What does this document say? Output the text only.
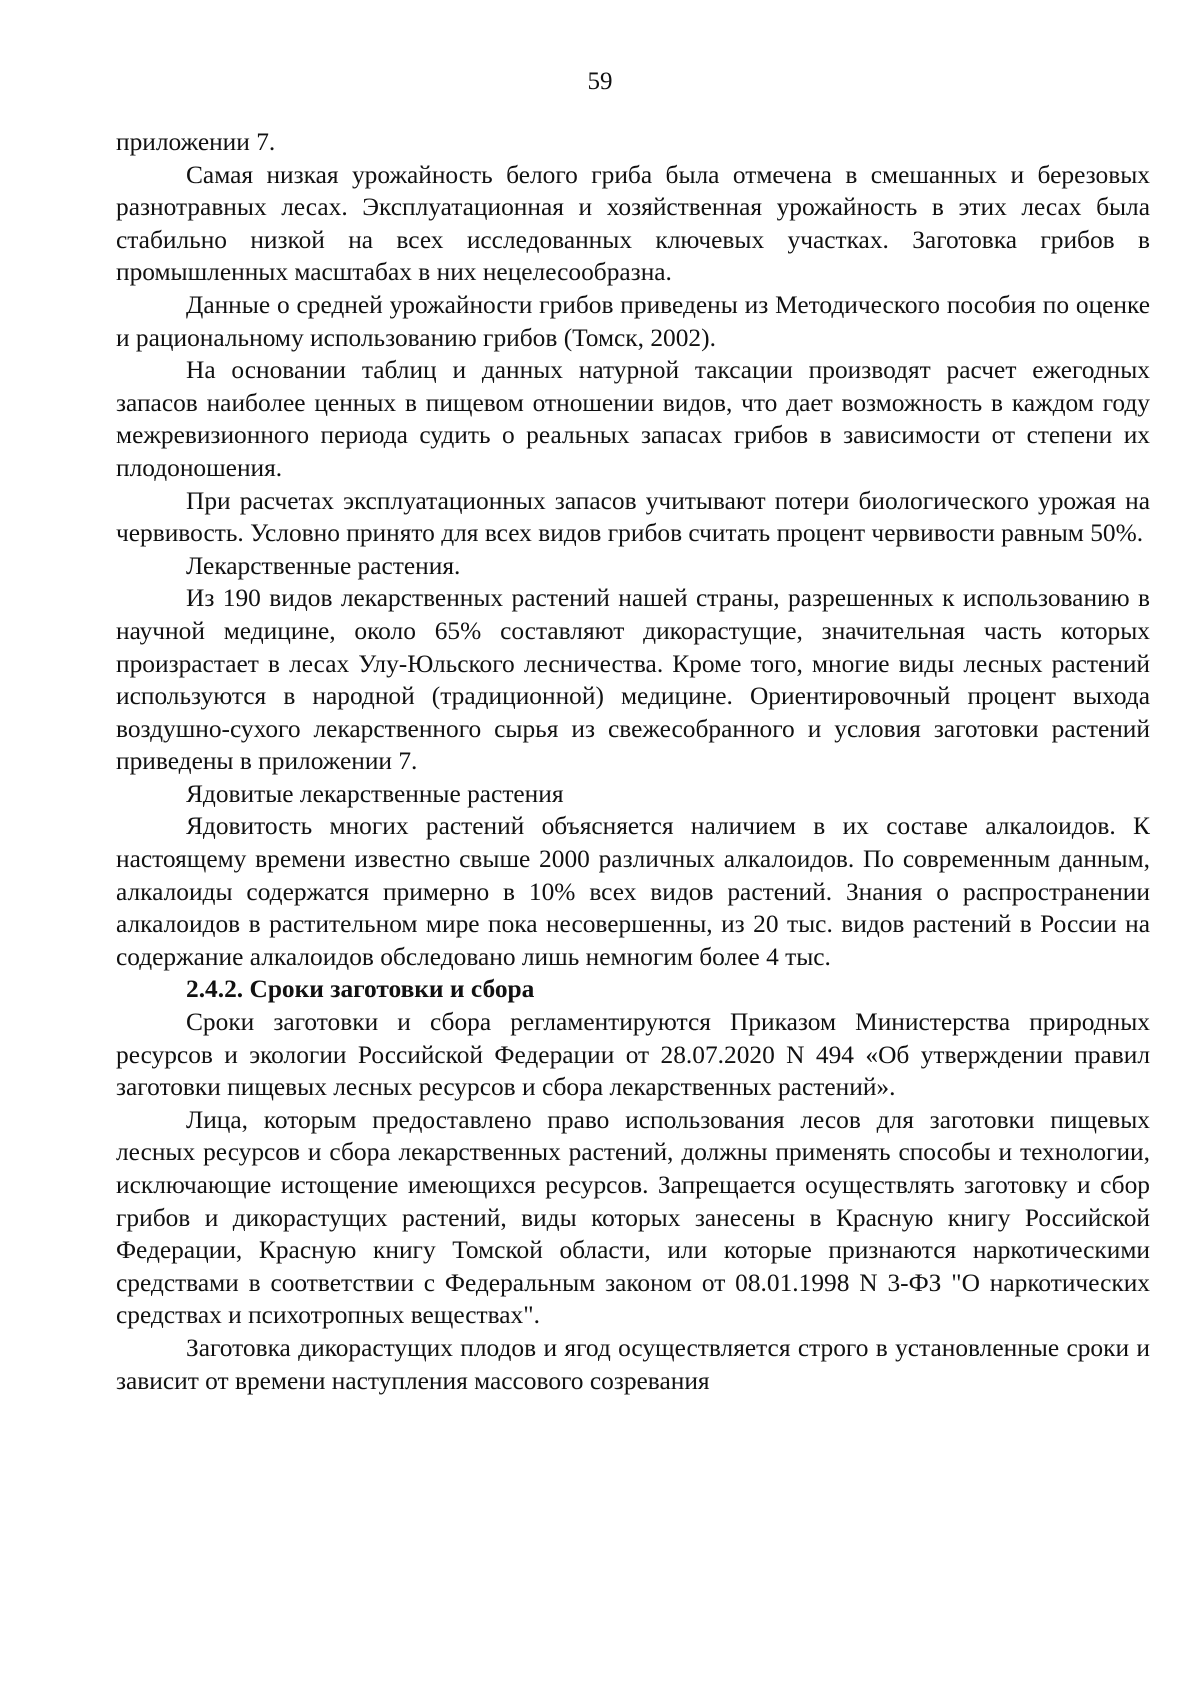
59

приложении 7.

Самая низкая урожайность белого гриба была отмечена в смешанных и березовых разнотравных лесах. Эксплуатационная и хозяйственная урожайность в этих лесах была стабильно низкой на всех исследованных ключевых участках. Заготовка грибов в промышленных масштабах в них нецелесообразна.

Данные о средней урожайности грибов приведены из Методического пособия по оценке и рациональному использованию грибов (Томск, 2002).

На основании таблиц и данных натурной таксации производят расчет ежегодных запасов наиболее ценных в пищевом отношении видов, что дает возможность в каждом году межревизионного периода судить о реальных запасах грибов в зависимости от степени их плодоношения.

При расчетах эксплуатационных запасов учитывают потери биологического урожая на червивость. Условно принято для всех видов грибов считать процент червивости равным 50%.

Лекарственные растения.

Из 190 видов лекарственных растений нашей страны, разрешенных к использованию в научной медицине, около 65% составляют дикорастущие, значительная часть которых произрастает в лесах Улу-Юльского лесничества. Кроме того, многие виды лесных растений используются в народной (традиционной) медицине. Ориентировочный процент выхода воздушно-сухого лекарственного сырья из свежесобранного и условия заготовки растений приведены в приложении 7.

Ядовитые лекарственные растения

Ядовитость многих растений объясняется наличием в их составе алкалоидов. К настоящему времени известно свыше 2000 различных алкалоидов. По современным данным, алкалоиды содержатся примерно в 10% всех видов растений. Знания о распространении алкалоидов в растительном мире пока несовершенны, из 20 тыс. видов растений в России на содержание алкалоидов обследовано лишь немногим более 4 тыс.

2.4.2. Сроки заготовки и сбора

Сроки заготовки и сбора регламентируются Приказом Министерства природных ресурсов и экологии Российской Федерации от 28.07.2020 N 494 «Об утверждении правил заготовки пищевых лесных ресурсов и сбора лекарственных растений».

Лица, которым предоставлено право использования лесов для заготовки пищевых лесных ресурсов и сбора лекарственных растений, должны применять способы и технологии, исключающие истощение имеющихся ресурсов. Запрещается осуществлять заготовку и сбор грибов и дикорастущих растений, виды которых занесены в Красную книгу Российской Федерации, Красную книгу Томской области, или которые признаются наркотическими средствами в соответствии с Федеральным законом от 08.01.1998 N 3-ФЗ "О наркотических средствах и психотропных веществах".

Заготовка дикорастущих плодов и ягод осуществляется строго в установленные сроки и зависит от времени наступления массового созревания
